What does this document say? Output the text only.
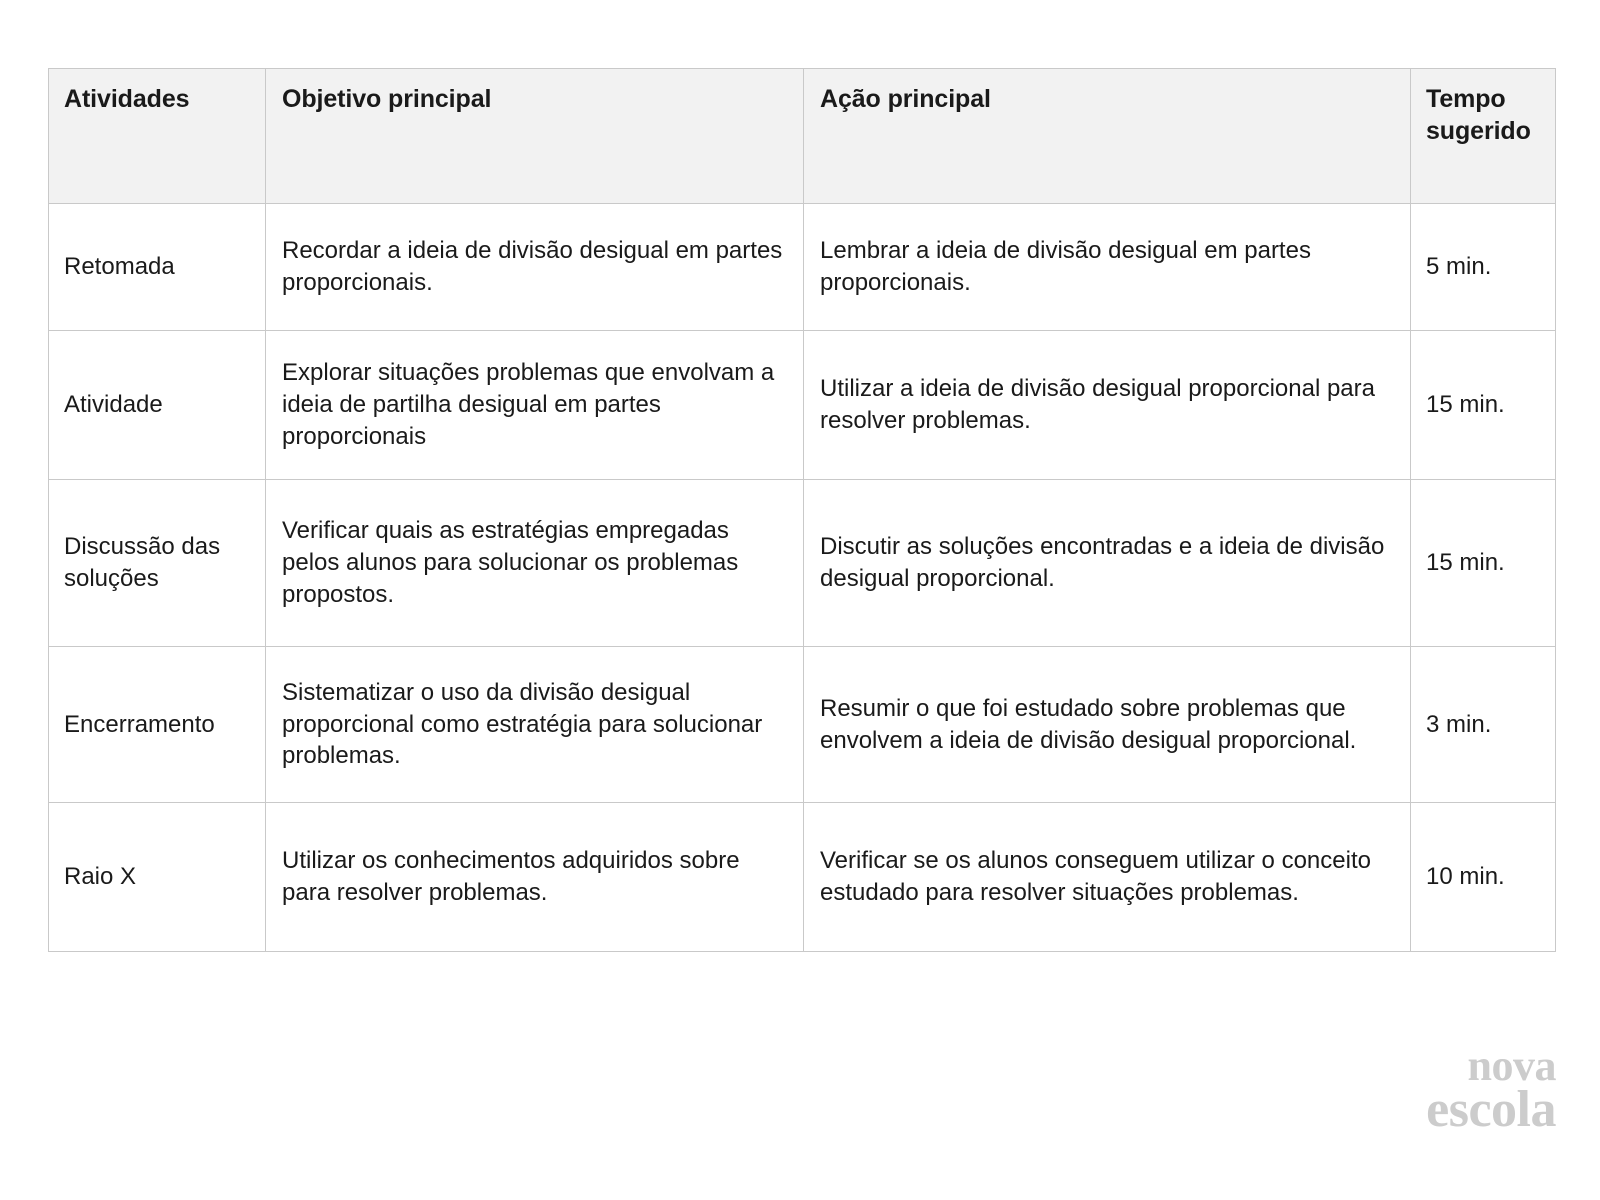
Atividades	Objetivo principal	Ação principal	Tempo sugerido
Retomada	Recordar a ideia de divisão desigual em partes proporcionais.	Lembrar a ideia de divisão desigual em partes proporcionais.	5 min.
Atividade	Explorar situações problemas que envolvam a ideia de partilha desigual em partes proporcionais	Utilizar a ideia de divisão desigual proporcional para resolver problemas.	15 min.
Discussão das soluções	Verificar quais as estratégias empregadas pelos alunos para solucionar os problemas propostos.	Discutir as soluções encontradas e a ideia de divisão desigual proporcional.	15 min.
Encerramento	Sistematizar o uso da divisão desigual proporcional como estratégia para solucionar problemas.	Resumir o que foi estudado sobre problemas que envolvem a ideia de divisão desigual proporcional.	3 min.
Raio X	Utilizar os conhecimentos adquiridos sobre para resolver problemas.	Verificar se os alunos conseguem utilizar o conceito estudado para resolver situações problemas.	10 min.
nova
escola
